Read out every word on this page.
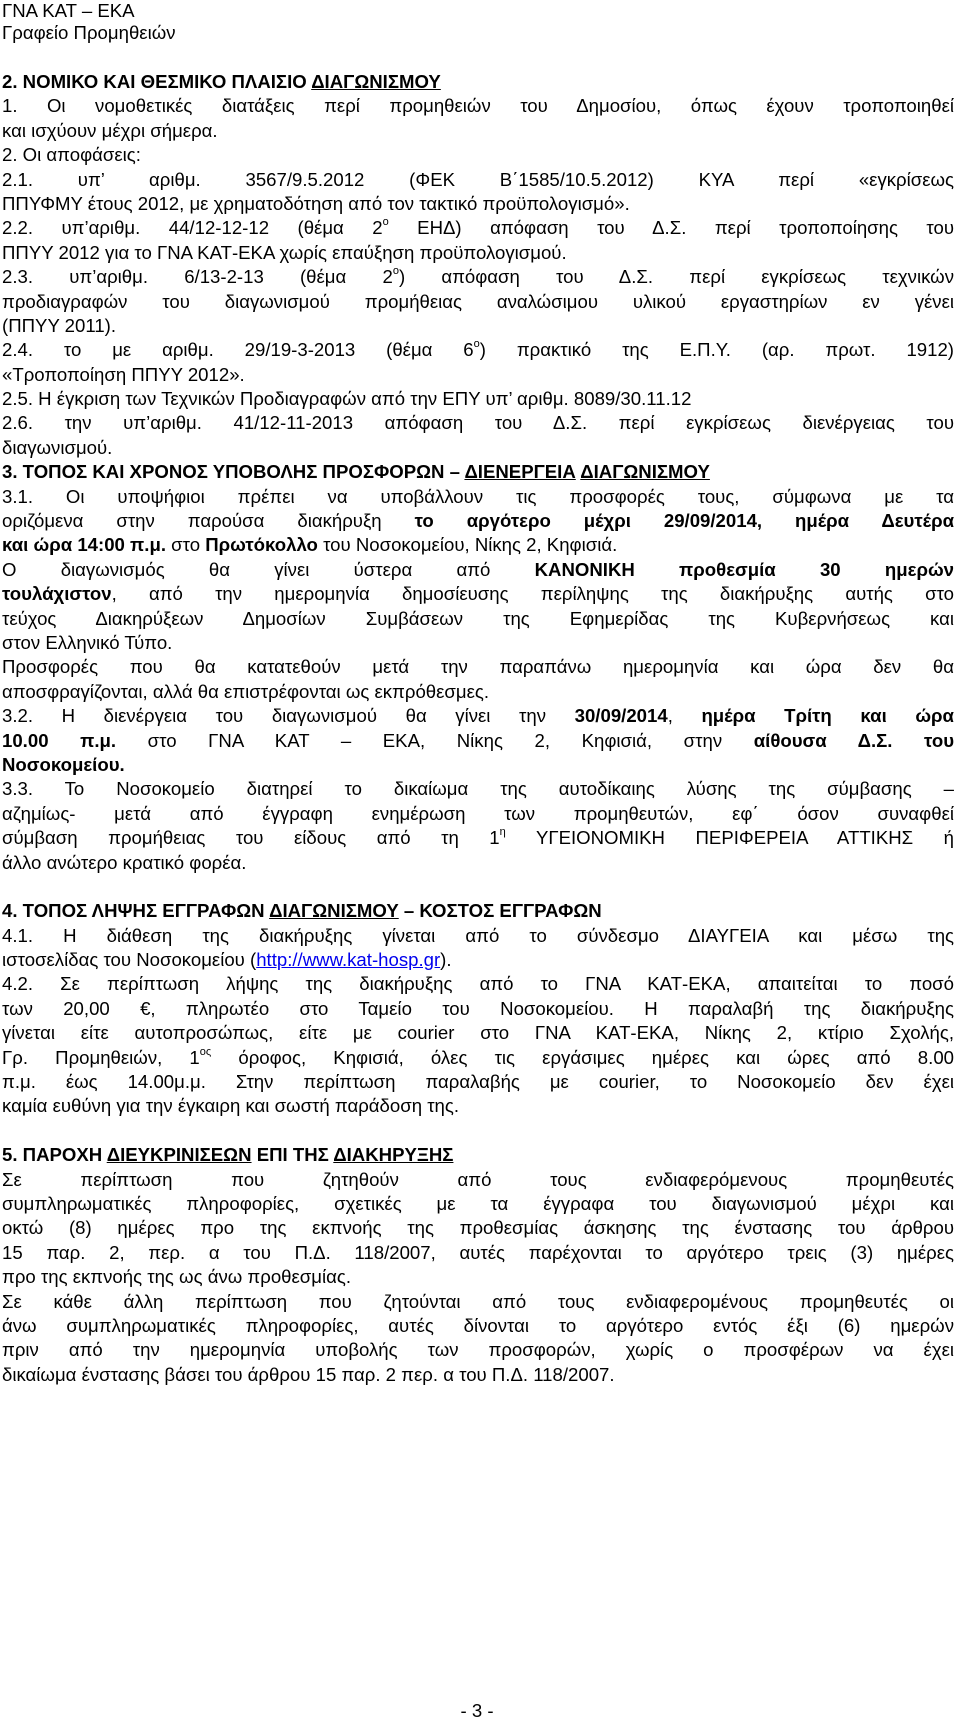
ΓΝΑ ΚΑΤ – ΕΚΑ
Γραφείο Προμηθειών
2. ΝΟΜΙΚΟ ΚΑΙ ΘΕΣΜΙΚΟ ΠΛΑΙΣΙΟ ΔΙΑΓΩΝΙΣΜΟΥ
1. Οι νομοθετικές διατάξεις περί προμηθειών του Δημοσίου, όπως έχουν τροποποιηθεί
και ισχύουν μέχρι σήμερα.
2. Οι αποφάσεις:
2.1. υπ’ αριθμ. 3567/9.5.2012 (ΦΕΚ Β΄1585/10.5.2012) ΚΥΑ περί «εγκρίσεως
ΠΠΥΦΜΥ έτους 2012, με χρηματοδότηση από τον τακτικό προϋπολογισμό».
2.2. υπ’αριθμ. 44/12-12-12 (θέμα $2^o$ ΕΗΔ) απόφαση του Δ.Σ. περί τροποποίησης του
ΠΠΥΥ 2012 για το ΓΝΑ ΚΑΤ-ΕΚΑ χωρίς επαύξηση προϋπολογισμού.
2.3. υπ’αριθμ. 6/13-2-13 (θέμα $2^o$) απόφαση του Δ.Σ. περί εγκρίσεως τεχνικών
προδιαγραφών του διαγωνισμού προμήθειας αναλώσιμου υλικού εργαστηρίων εν γένει
(ΠΠΥΥ 2011).
2.4. το με αριθμ. 29/19-3-2013 (θέμα $6^o$) πρακτικό της Ε.Π.Υ. (αρ. πρωτ. 1912)
«Τροποποίηση ΠΠΥΥ 2012».
2.5. Η έγκριση των Τεχνικών Προδιαγραφών από την ΕΠΥ υπ’ αριθμ. 8089/30.11.12
2.6. την υπ’αριθμ. 41/12-11-2013 απόφαση του Δ.Σ. περί εγκρίσεως διενέργειας του
διαγωνισμού.
3. ΤΟΠΟΣ ΚΑΙ ΧΡΟΝΟΣ ΥΠΟΒΟΛΗΣ ΠΡΟΣΦΟΡΩΝ – ΔΙΕΝΕΡΓΕΙΑ ΔΙΑΓΩΝΙΣΜΟΥ
3.1. Οι υποψήφιοι πρέπει να υποβάλλουν τις προσφορές τους, σύμφωνα με τα
οριζόμενα στην παρούσα διακήρυξη το αργότερο μέχρι 29/09/2014, ημέρα Δευτέρα
και ώρα 14:00 π.μ. στο Πρωτόκολλο του Νοσοκομείου, Νίκης 2, Κηφισιά.
Ο διαγωνισμός θα γίνει ύστερα από ΚΑΝΟΝΙΚΗ προθεσμία 30 ημερών
τουλάχιστον, από την ημερομηνία δημοσίευσης περίληψης της διακήρυξης αυτής στο
τεύχος Διακηρύξεων Δημοσίων Συμβάσεων της Εφημερίδας της Κυβερνήσεως και
στον Ελληνικό Τύπο.
Προσφορές που θα κατατεθούν μετά την παραπάνω ημερομηνία και ώρα δεν θα
αποσφραγίζονται, αλλά θα επιστρέφονται ως εκπρόθεσμες.
3.2. Η διενέργεια του διαγωνισμού θα γίνει την 30/09/2014, ημέρα Τρίτη και ώρα
10.00 π.μ. στο ΓΝΑ ΚΑΤ – ΕΚΑ, Νίκης 2, Κηφισιά, στην αίθουσα Δ.Σ. του
Νοσοκομείου.
3.3. Το Νοσοκομείο διατηρεί το δικαίωμα της αυτοδίκαιης λύσης της σύμβασης –
αζημίως- μετά από έγγραφη ενημέρωση των προμηθευτών, εφ΄ όσον συναφθεί
σύμβαση προμήθειας του είδους από τη $1^\eta$ ΥΓΕΙΟΝΟΜΙΚΗ ΠΕΡΙΦΕΡΕΙΑ ΑΤΤΙΚΗΣ ή
άλλο ανώτερο κρατικό φορέα.
4. ΤΟΠΟΣ ΛΗΨΗΣ ΕΓΓΡΑΦΩΝ ΔΙΑΓΩΝΙΣΜΟΥ – ΚΟΣΤΟΣ ΕΓΓΡΑΦΩΝ
4.1. Η διάθεση της διακήρυξης γίνεται από το σύνδεσμο ΔΙΑΥΓΕΙΑ και μέσω της
ιστοσελίδας του Νοσοκομείου (http://www.kat-hosp.gr).
4.2. Σε περίπτωση λήψης της διακήρυξης από το ΓΝΑ ΚΑΤ-ΕΚΑ, απαιτείται το ποσό
των 20,00 €, πληρωτέο στο Ταμείο του Νοσοκομείου. Η παραλαβή της διακήρυξης
γίνεται είτε αυτοπροσώπως, είτε με courier στο ΓΝΑ ΚΑΤ-ΕΚΑ, Νίκης 2, κτίριο Σχολής,
Γρ. Προμηθειών, $1^{o\varsigma}$ όροφος, Κηφισιά, όλες τις εργάσιμες ημέρες και ώρες από 8.00
π.μ. έως 14.00μ.μ. Στην περίπτωση παραλαβής με courier, το Νοσοκομείο δεν έχει
καμία ευθύνη για την έγκαιρη και σωστή παράδοση της.
5. ΠΑΡΟΧΗ ΔΙΕΥΚΡΙΝΙΣΕΩΝ ΕΠΙ ΤΗΣ ΔΙΑΚΗΡΥΞΗΣ
Σε περίπτωση που ζητηθούν από τους ενδιαφερόμενους προμηθευτές
συμπληρωματικές πληροφορίες, σχετικές με τα έγγραφα του διαγωνισμού μέχρι και
οκτώ (8) ημέρες προ της εκπνοής της προθεσμίας άσκησης της ένστασης του άρθρου
15 παρ. 2, περ. α του Π.Δ. 118/2007, αυτές παρέχονται το αργότερο τρεις (3) ημέρες
προ της εκπνοής της ως άνω προθεσμίας.
Σε κάθε άλλη περίπτωση που ζητούνται από τους ενδιαφερομένους προμηθευτές οι
άνω συμπληρωματικές πληροφορίες, αυτές δίνονται το αργότερο εντός έξι (6) ημερών
πριν από την ημερομηνία υποβολής των προσφορών, χωρίς ο προσφέρων να έχει
δικαίωμα ένστασης βάσει του άρθρου 15 παρ. 2 περ. α του Π.Δ. 118/2007.
- 3 -
